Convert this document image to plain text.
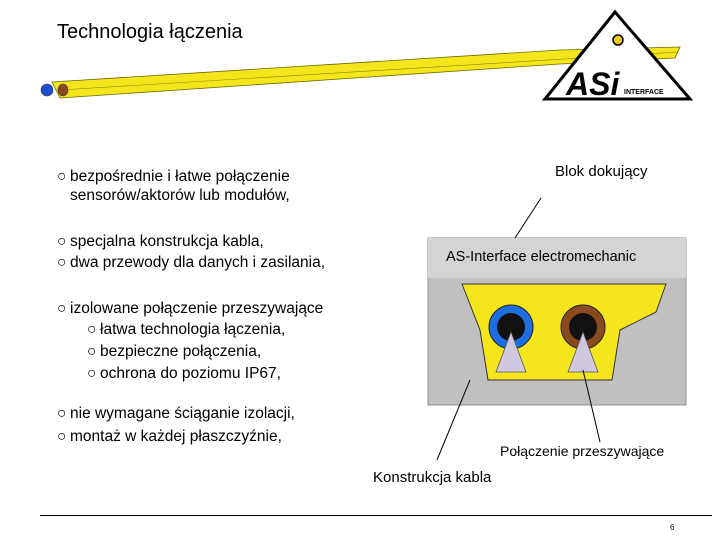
Technologia łączenia
ASi INTERFACE
○ bezpośrednie i łatwe połączenie
sensorów/aktorów lub modułów,
○ specjalna konstrukcja kabla,
○ dwa przewody dla danych i zasilania,
○ izolowane połączenie przeszywające
○ łatwa technologia łączenia,
○ bezpieczne połączenia,
○ ochrona do poziomu IP67,
○ nie wymagane ściąganie izolacji,
○ montaż w każdej płaszczyźnie,
Blok dokujący
AS-Interface electromechanic
Połączenie przeszywające
Konstrukcja kabla
6
